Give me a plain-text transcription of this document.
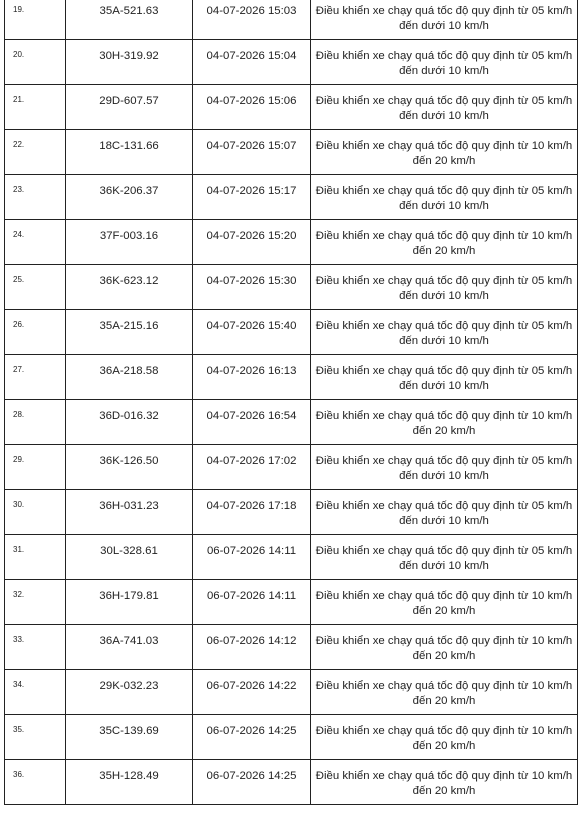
19.	35A-521.63	04-07-2026 15:03	Điều khiển xe chạy quá tốc độ quy định từ 05 km/h
đến dưới 10 km/h

20.	30H-319.92	04-07-2026 15:04	Điều khiển xe chạy quá tốc độ quy định từ 05 km/h
đến dưới 10 km/h

21.	29D-607.57	04-07-2026 15:06	Điều khiển xe chạy quá tốc độ quy định từ 05 km/h
đến dưới 10 km/h

22.	18C-131.66	04-07-2026 15:07	Điều khiển xe chạy quá tốc độ quy định từ 10 km/h
đến 20 km/h

23.	36K-206.37	04-07-2026 15:17	Điều khiển xe chạy quá tốc độ quy định từ 05 km/h
đến dưới 10 km/h

24.	37F-003.16	04-07-2026 15:20	Điều khiển xe chạy quá tốc độ quy định từ 10 km/h
đến 20 km/h

25.	36K-623.12	04-07-2026 15:30	Điều khiển xe chạy quá tốc độ quy định từ 05 km/h
đến dưới 10 km/h

26.	35A-215.16	04-07-2026 15:40	Điều khiển xe chạy quá tốc độ quy định từ 05 km/h
đến dưới 10 km/h

27.	36A-218.58	04-07-2026 16:13	Điều khiển xe chạy quá tốc độ quy định từ 05 km/h
đến dưới 10 km/h

28.	36D-016.32	04-07-2026 16:54	Điều khiển xe chạy quá tốc độ quy định từ 10 km/h
đến 20 km/h

29.	36K-126.50	04-07-2026 17:02	Điều khiển xe chạy quá tốc độ quy định từ 05 km/h
đến dưới 10 km/h

30.	36H-031.23	04-07-2026 17:18	Điều khiển xe chạy quá tốc độ quy định từ 05 km/h
đến dưới 10 km/h

31.	30L-328.61	06-07-2026 14:11	Điều khiển xe chạy quá tốc độ quy định từ 05 km/h
đến dưới 10 km/h

32.	36H-179.81	06-07-2026 14:11	Điều khiển xe chạy quá tốc độ quy định từ 10 km/h
đến 20 km/h

33.	36A-741.03	06-07-2026 14:12	Điều khiển xe chạy quá tốc độ quy định từ 10 km/h
đến 20 km/h

34.	29K-032.23	06-07-2026 14:22	Điều khiển xe chạy quá tốc độ quy định từ 10 km/h
đến 20 km/h

35.	35C-139.69	06-07-2026 14:25	Điều khiển xe chạy quá tốc độ quy định từ 10 km/h
đến 20 km/h

36.	35H-128.49	06-07-2026 14:25	Điều khiển xe chạy quá tốc độ quy định từ 10 km/h
đến 20 km/h
